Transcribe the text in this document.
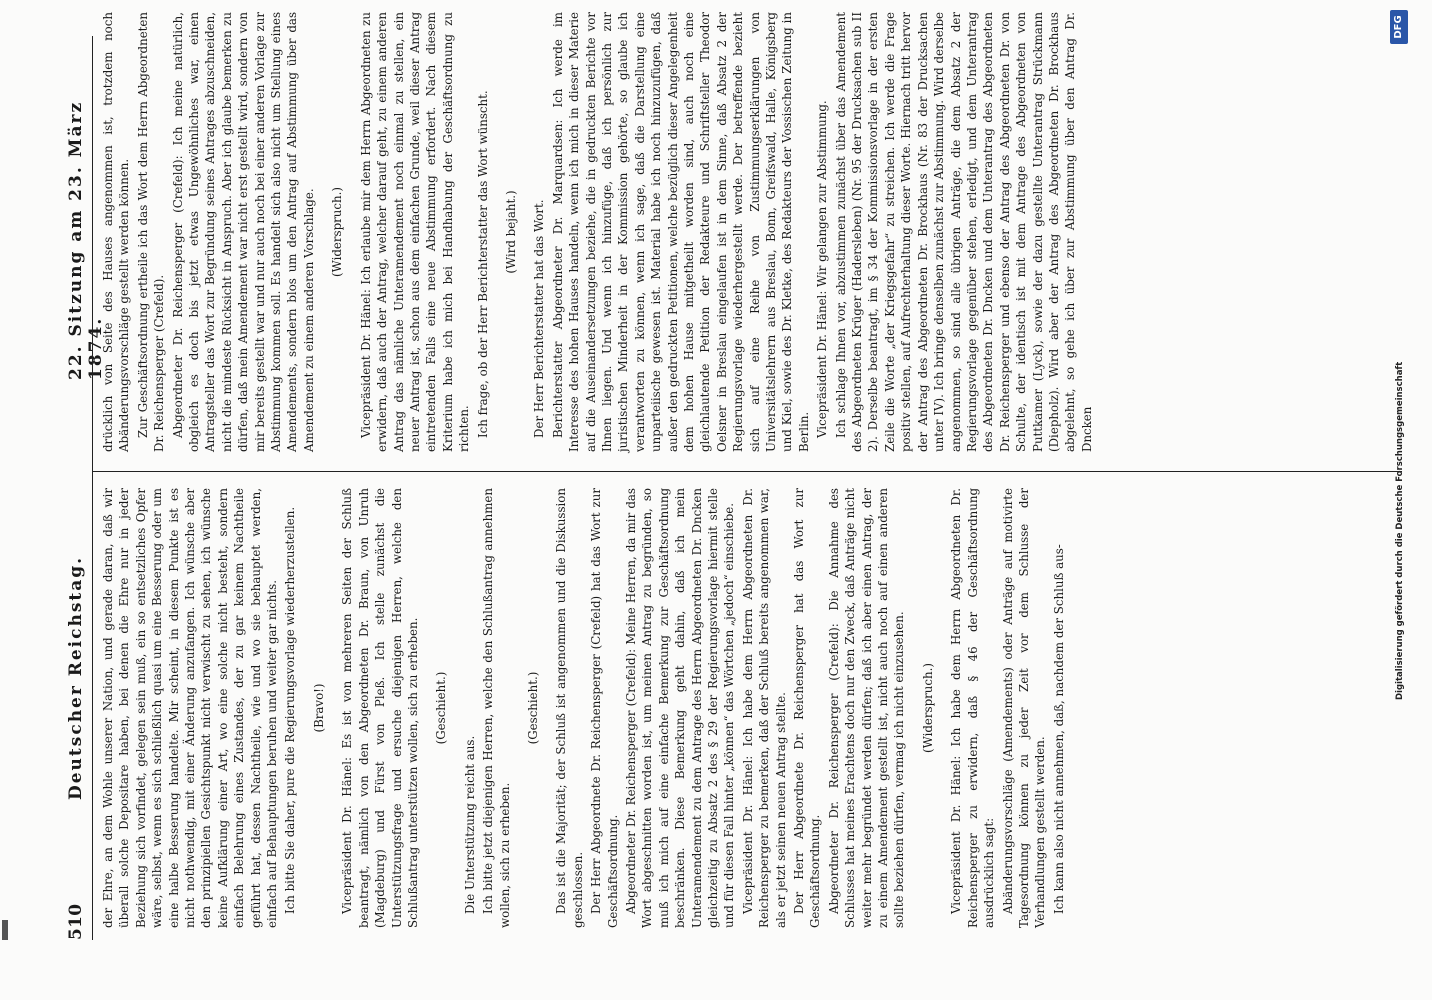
510
Deutscher Reichstag.
22. Sitzung am 23. März 1874.

der Ehre, an dem Wohle unserer Nation, und gerade daran, daß wir überall solche Depositare haben, bei denen die Ehre nur in jeder Beziehung sich vorfindet, gelegen sein muß, ein so entsetzliches Opfer wäre, selbst, wenn es sich schließlich quasi um eine Besserung oder um eine halbe Besserung handelte. Mir scheint, in diesem Punkte ist es nicht nothwendig, mit einer Änderung anzufangen. Ich wünsche aber den prinzipiellen Gesichtspunkt nicht verwischt zu sehen, ich wünsche keine Aufklärung einer Art, wo eine solche nicht besteht, sondern einfach Belehrung eines Zustandes, der zu gar keinem Nachtheile geführt hat, dessen Nachtheile, wie und wo sie behauptet werden, einfach auf Behauptungen beruhen und weiter gar nichts. Ich bitte Sie daher, pure die Regierungsvorlage wiederherzustellen. (Bravo!) Vicepräsident Dr. Hänel: Es ist von mehreren Seiten der Schluß beantragt, nämlich von den Abgeordneten Dr. Braun, von Unruh (Magdeburg) und Fürst von Pleß. Ich stelle zunächst die Unterstützungsfrage und ersuche diejenigen Herren, welche den Schlußantrag unterstützen wollen, sich zu erheben. (Geschieht.)

Die Unterstützung reicht aus. Ich bitte jetzt diejenigen Herren, welche den Schlußantrag annehmen wollen, sich zu erheben.

(Geschieht.) Das ist die Majorität; der Schluß ist angenommen und die Diskussion geschlossen. Der Herr Abgeordnete Dr. Reichensperger (Crefeld) hat das Wort zur Geschäftsordnung. Abgeordneter Dr. Reichensperger (Crefeld): Meine Herren, da mir das Wort abgeschnitten worden ist, um meinen Antrag zu begründen, so muß ich mich auf eine einfache Bemerkung zur Geschäftsordnung beschränken. Diese Bemerkung geht dahin, daß ich mein Unteramendement zu dem Antrage des Herrn Abgeordneten Dr. Dncken gleichzeitig zu Absatz 2 des § 29 der Regierungsvorlage hiermit stelle und für diesen Fall hinter „können“ das Wörtchen „jedoch“ einschiebe. Vicepräsident Dr. Hänel: Ich habe dem Herrn Abgeordneten Dr. Reichensperger zu bemerken, daß der Schluß bereits angenommen war, als er jetzt seinen neuen Antrag stellte. Der Herr Abgeordnete Dr. Reichensperger hat das Wort zur Geschäftsordnung. Abgeordneter Dr. Reichensperger (Crefeld): Die Annahme des Schlusses hat meines Erachtens doch nur den Zweck, daß Anträge nicht weiter mehr begründet werden dürfen; daß ich aber einen Antrag, der zu einem Amendement gestellt ist, nicht auch noch auf einen anderen sollte beziehen dürfen, vermag ich nicht einzusehen. (Widerspruch.) Vicepräsident Dr. Hänel: Ich habe dem Herrn Abgeordneten Dr. Reichensperger zu erwidern, daß § 46 der Geschäftsordnung ausdrücklich sagt: Abänderungsvorschläge (Amendements) oder Anträge auf motivirte Tagesordnung können zu jeder Zeit vor dem Schlusse der Verhandlungen gestellt werden. Ich kann also nicht annehmen, daß, nachdem der Schluß aus-

drücklich von Seite des Hauses angenommen ist, trotzdem noch Abänderungsvorschläge gestellt werden können. Zur Geschäftsordnung ertheile ich das Wort dem Herrn Abgeordneten Dr. Reichensperger (Crefeld). Abgeordneter Dr. Reichensperger (Crefeld): Ich meine natürlich, obgleich es doch bis jetzt etwas Ungewöhnliches war, einen Antragsteller das Wort zur Begründung seines Antrages abzuschneiden, nicht die mindeste Rücksicht in Anspruch. Aber ich glaube bemerken zu dürfen, daß mein Amendement war nicht erst gestellt wird, sondern von mir bereits gestellt war und nur auch noch bei einer anderen Vorlage zur Abstimmung kommen soll. Es handelt sich also nicht um Stellung eines Amendements, sondern blos um den Antrag auf Abstimmung über das Amendement zu einem anderen Vorschlage. (Widerspruch.) Vicepräsident Dr. Hänel: Ich erlaube mir dem Herrn Abgeordneten zu erwidern, daß auch der Antrag, welcher darauf geht, zu einem anderen Antrag das nämliche Unteramendement noch einmal zu stellen, ein neuer Antrag ist, schon aus dem einfachen Grunde, weil dieser Antrag eintretenden Falls eine neue Abstimmung erfordert. Nach diesem Kriterium habe ich mich bei Handhabung der Geschäftsordnung zu richten. Ich frage, ob der Herr Berichterstatter das Wort wünscht. (Wird bejaht.) Der Herr Berichterstatter hat das Wort. Berichterstatter Abgeordneter Dr. Marquardsen: Ich werde im Interesse des hohen Hauses handeln, wenn ich mich in dieser Materie auf die Auseinandersetzungen beziehe, die in gedruckten Berichte vor Ihnen liegen. Und wenn ich hinzufüge, daß ich persönlich zur juristischen Minderheit in der Kommission gehörte, so glaube ich verantworten zu können, wenn ich sage, daß die Darstellung eine unparteiische gewesen ist. Material habe ich noch hinzuzufügen, daß außer den gedruckten Petitionen, welche bezüglich dieser Angelegenheit dem hohen Hause mitgetheilt worden sind, auch noch eine gleichlautende Petition der Redakteure und Schriftsteller Theodor Oelsner in Breslau eingelaufen ist in dem Sinne, daß Absatz 2 der Regierungsvorlage wiederhergestellt werde. Der betreffende bezieht sich auf eine Reihe von Zustimmungserklärungen von Universitätslehrern aus Breslau, Bonn, Greifswald, Halle, Königsberg und Kiel, sowie des Dr. Kletke, des Redakteurs der Vossischen Zeitung in Berlin. Vicepräsident Dr. Hänel: Wir gelangen zur Abstimmung. Ich schlage Ihnen vor, abzustimmen zunächst über das Amendement des Abgeordneten Krüger (Hadersleben) (Nr. 95 der Drucksachen sub II 2). Derselbe beantragt, im § 34 der Kommissionsvorlage in der ersten Zeile die Worte „der Kriegsgefahr“ zu streichen. Ich werde die Frage positiv stellen, auf Aufrechterhaltung dieser Worte. Hiernach tritt hervor der Antrag des Abgeordneten Dr. Brockhaus (Nr. 83 der Drucksachen unter IV). Ich bringe denselben zunächst zur Abstimmung. Wird derselbe angenommen, so sind alle übrigen Anträge, die dem Absatz 2 der Regierungsvorlage gegenüber stehen, erledigt, und dem Unterantrag des Abgeordneten Dr. Dncken und dem Unterantrag des Abgeordneten Dr. Reichensperger und ebenso der Antrag des Abgeordneten Dr. von Schulte, der identisch ist mit dem Antrage des Abgeordneten von Puttkamer (Lyck), sowie der dazu gestellte Unterantrag Strückmann (Diepholz). Wird aber der Antrag des Abgeordneten Dr. Brockhaus abgelehnt, so gehe ich über zur Abstimmung über den Antrag Dr. Dncken	Digitalisierung gefördert durch die Deutsche Forschungsgemeinschaft
DFG
